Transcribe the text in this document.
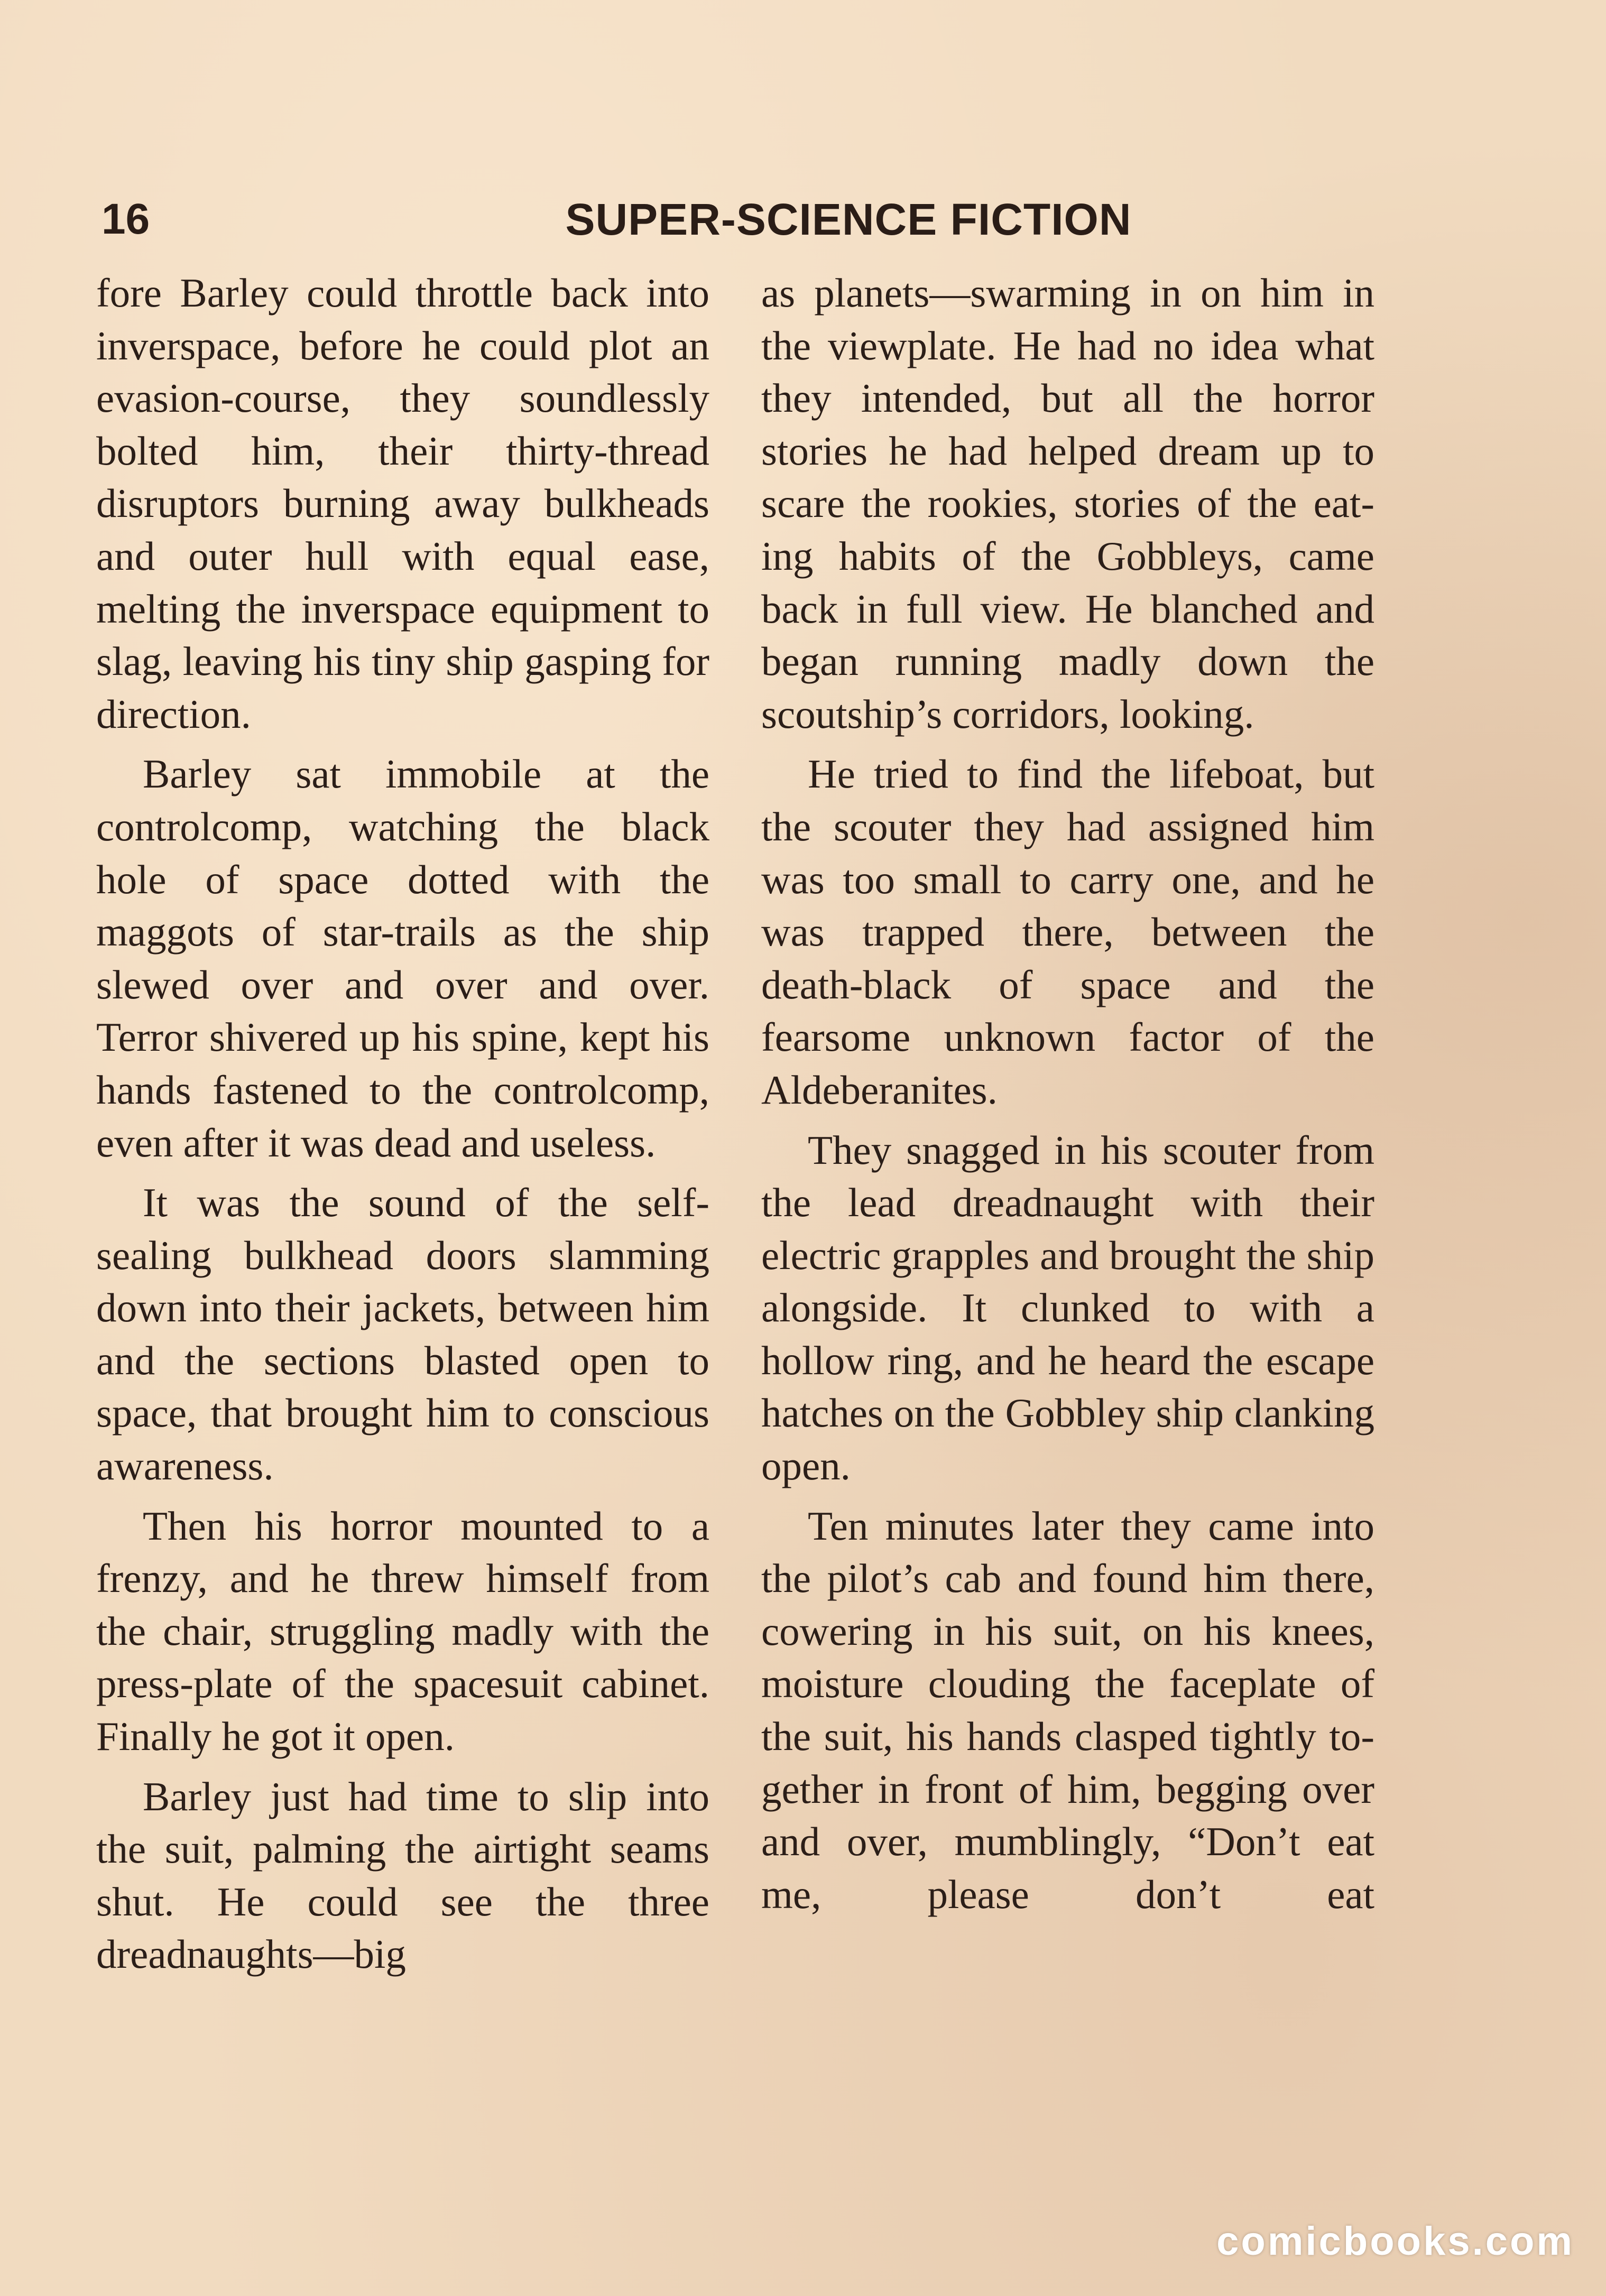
16	SUPER-SCIENCE FICTION

fore Barley could throttle back into inverspace, before he could plot an evasion-course, they soundlessly bolted him, their thirty-thread disruptors burning away bulkheads and outer hull with equal ease, melting the inverspace equipment to slag, leaving his tiny ship gasping for direction.

Barley sat immobile at the controlcomp, watching the black hole of space dotted with the maggots of star-trails as the ship slewed over and over and over. Terror shivered up his spine, kept his hands fastened to the controlcomp, even after it was dead and useless.

It was the sound of the self-sealing bulkhead doors slamming down into their jackets, between him and the sections blasted open to space, that brought him to conscious awareness.

Then his horror mounted to a frenzy, and he threw himself from the chair, struggling madly with the press-plate of the spacesuit cabinet. Finally he got it open.

Barley just had time to slip into the suit, palming the airtight seams shut. He could see the three dreadnaughts—big

as planets—swarming in on him in the viewplate. He had no idea what they intended, but all the horror stories he had helped dream up to scare the rookies, stories of the eating habits of the Gobbleys, came back in full view. He blanched and began running madly down the scoutship’s corridors, looking.

He tried to find the lifeboat, but the scouter they had assigned him was too small to carry one, and he was trapped there, between the death-black of space and the fearsome unknown factor of the Aldeberanites.

They snagged in his scouter from the lead dreadnaught with their electric grapples and brought the ship alongside. It clunked to with a hollow ring, and he heard the escape hatches on the Gobbley ship clanking open.

Ten minutes later they came into the pilot’s cab and found him there, cowering in his suit, on his knees, moisture clouding the faceplate of the suit, his hands clasped tightly together in front of him, begging over and over, mumblingly, “Don’t eat me, please don’t eat

comicbooks.com
